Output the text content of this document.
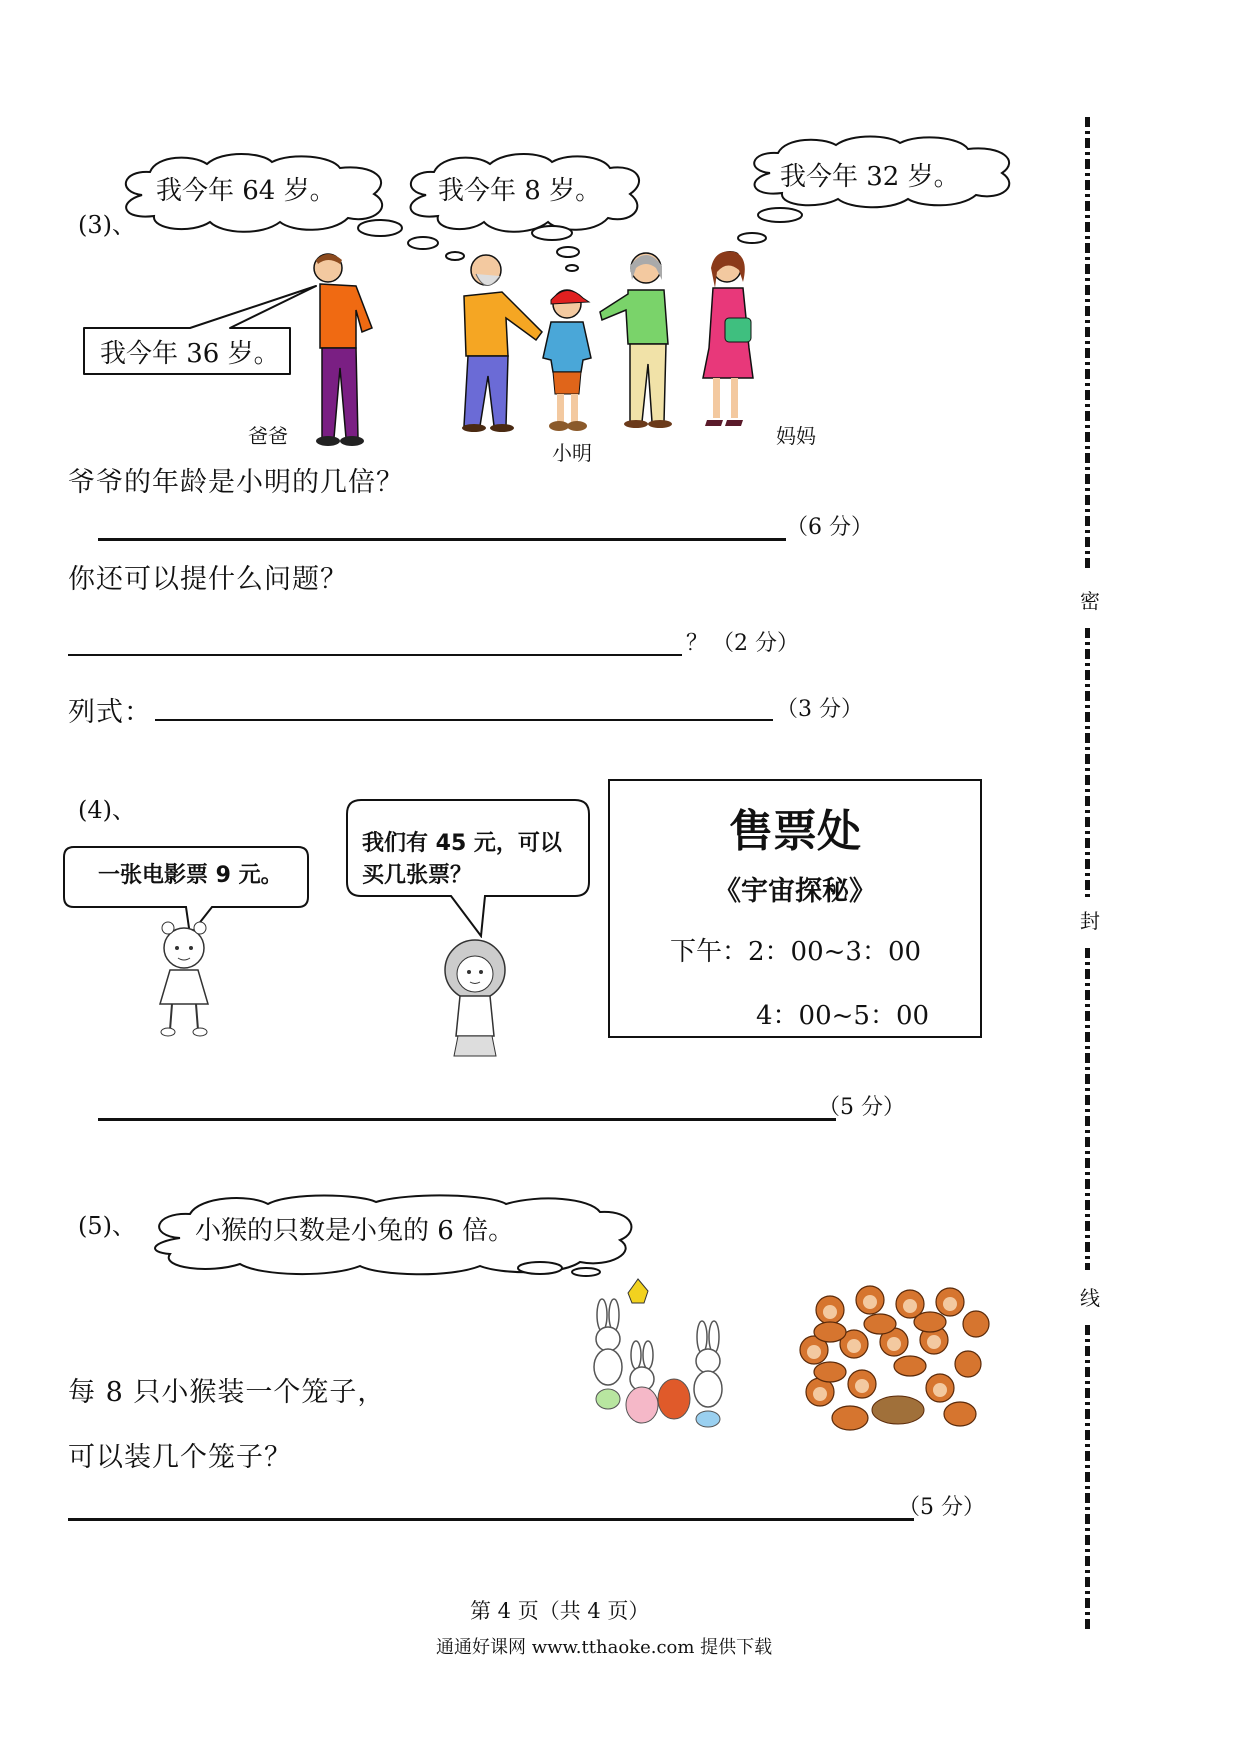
密
封
线
(3)、
我今年 64 岁。	我今年 8 岁。	我今年 32 岁。
我今年 36 岁。
爸爸
小明
妈妈
爷爷的年龄是小明的几倍？
（6 分）
你还可以提什么问题？
？ （2 分）
列式：	（3 分）
(4)、
一张电影票 9 元。
我们有 45 元，可以
买几张票？
售票处
《宇宙探秘》
下午：2：00~3：00
4：00~5：00
（5 分）
(5)、 小猴的只数是小兔的 6 倍。
每 8 只小猴装一个笼子，
可以装几个笼子？
（5 分）
第 4 页（共 4 页）
通通好课网 www.tthaoke.com 提供下载
